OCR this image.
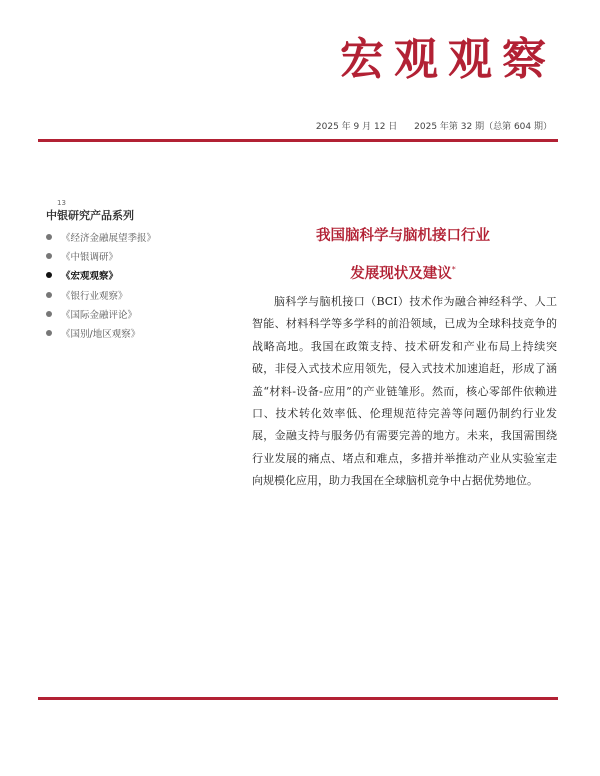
宏观观察
2025 年 9 月 12 日 2025 年第 32 期（总第 604 期）
13
中银研究产品系列
《经济金融展望季报》
《中银调研》
《宏观观察》
《银行业观察》
《国际金融评论》
《国别/地区观察》
我国脑科学与脑机接口行业
发展现状及建议*

脑科学与脑机接口（BCI）技术作为融合神经科学、人工智能、材料科学等多学科的前沿领域，已成为全球科技竞争的战略高地。我国在政策支持、技术研发和产业布局上持续突破，非侵入式技术应用领先，侵入式技术加速追赶，形成了涵盖“材料-设备-应用”的产业链雏形。然而，核心零部件依赖进口、技术转化效率低、伦理规范待完善等问题仍制约行业发展，金融支持与服务仍有需要完善的地方。未来，我国需围绕行业发展的痛点、堵点和难点，多措并举推动产业从实验室走向规模化应用，助力我国在全球脑机竞争中占据优势地位。
